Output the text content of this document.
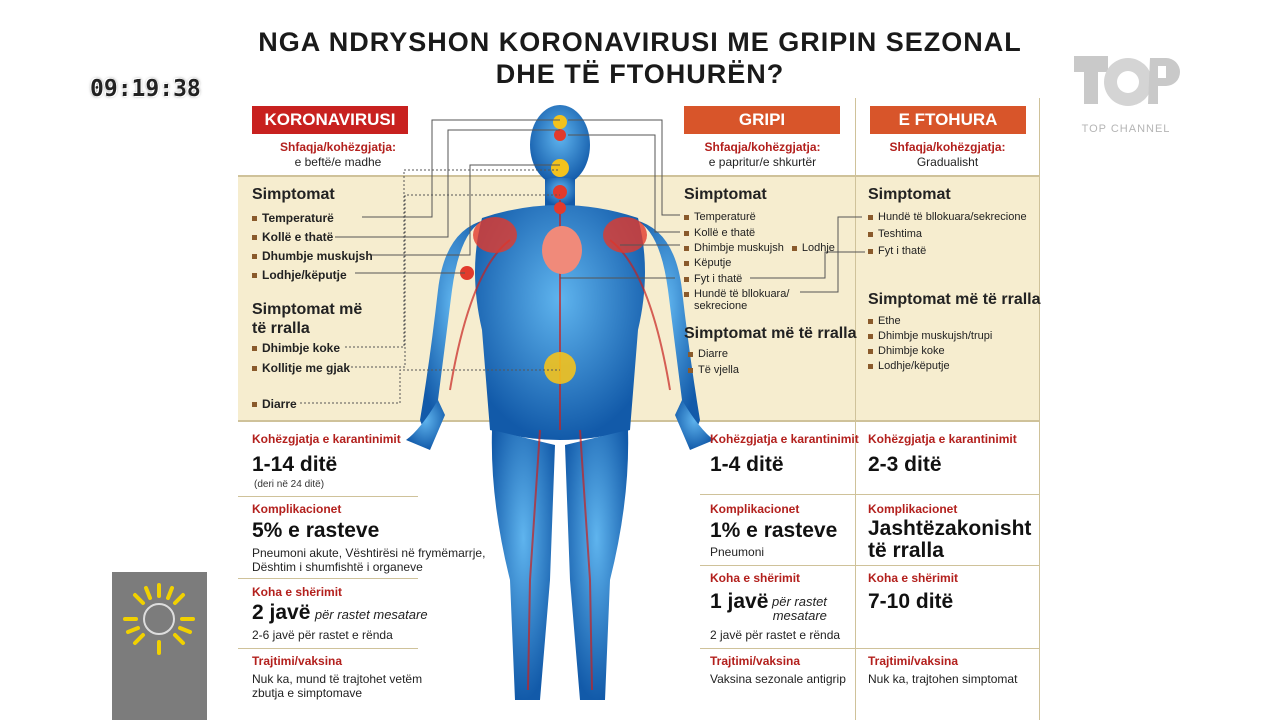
NGA NDRYSHON KORONAVIRUSI ME GRIPIN SEZONAL
DHE TË FTOHURËN?
09:19:38
TOP CHANNEL
KORONAVIRUSI
Shfaqja/kohëzgjatja:
e beftë/e madhe
Simptomat
Temperaturë
Kollë e thatë
Dhumbje muskujsh
Lodhje/këputje
Simptomat më
të rralla
Dhimbje koke
Kollitje me gjak
Diarre
Kohëzgjatja e karantinimit
1-14 ditë
(deri në 24 ditë)
Komplikacionet
5% e rasteve
Pneumoni akute, Vështirësi në frymëmarrje,
Dështim i shumfishtë i organeve
Koha e shërimit
2 javë për rastet mesatare
2-6 javë për rastet e rënda
Trajtimi/vaksina
Nuk ka, mund të trajtohet vetëm
zbutja e simptomave
GRIPI
Shfaqja/kohëzgjatja:
e papritur/e shkurtër
Simptomat
Temperaturë
Kollë e thatë
Dhimbje muskujsh Lodhje
Këputje
Fyt i thatë
Hundë të bllokuara/
sekrecione
Simptomat më të rralla
Diarre
Të vjella
Kohëzgjatja e karantinimit
1-4 ditë
Komplikacionet
1% e rasteve
Pneumoni
Koha e shërimit
1 javë për rastet
mesatare
2 javë për rastet e rënda
Trajtimi/vaksina
Vaksina sezonale antigrip
E FTOHURA
Shfaqja/kohëzgjatja:
Gradualisht
Simptomat
Hundë të bllokuara/sekrecione
Teshtima
Fyt i thatë
Simptomat më të rralla
Ethe
Dhimbje muskujsh/trupi
Dhimbje koke
Lodhje/këputje
Kohëzgjatja e karantinimit
2-3 ditë
Komplikacionet
Jashtëzakonisht
të rralla
Koha e shërimit
7-10 ditë
Trajtimi/vaksina
Nuk ka, trajtohen simptomat
